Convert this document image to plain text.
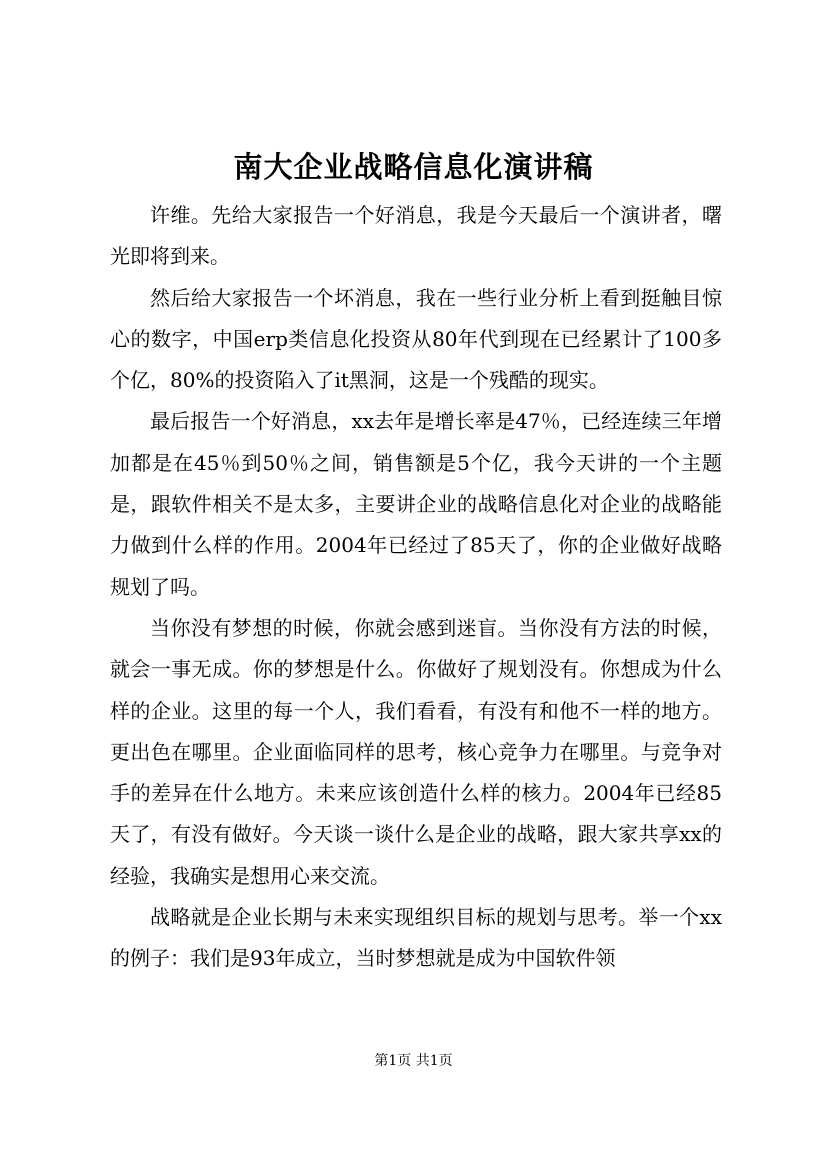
南大企业战略信息化演讲稿

许维。先给大家报告一个好消息，我是今天最后一个演讲者，曙光即将到来。

然后给大家报告一个坏消息，我在一些行业分析上看到挺触目惊心的数字，中国erp类信息化投资从80年代到现在已经累计了100多个亿，80%的投资陷入了it黑洞，这是一个残酷的现实。

最后报告一个好消息，xx去年是增长率是47％，已经连续三年增加都是在45％到50％之间，销售额是5个亿，我今天讲的一个主题是，跟软件相关不是太多，主要讲企业的战略信息化对企业的战略能力做到什么样的作用。2004年已经过了85天了，你的企业做好战略规划了吗。

当你没有梦想的时候，你就会感到迷盲。当你没有方法的时候，就会一事无成。你的梦想是什么。你做好了规划没有。你想成为什么样的企业。这里的每一个人，我们看看，有没有和他不一样的地方。更出色在哪里。企业面临同样的思考，核心竞争力在哪里。与竞争对手的差异在什么地方。未来应该创造什么样的核力。2004年已经85天了，有没有做好。今天谈一谈什么是企业的战略，跟大家共享xx的经验，我确实是想用心来交流。

战略就是企业长期与未来实现组织目标的规划与思考。举一个xx的例子：我们是93年成立，当时梦想就是成为中国软件领

第1页 共1页
